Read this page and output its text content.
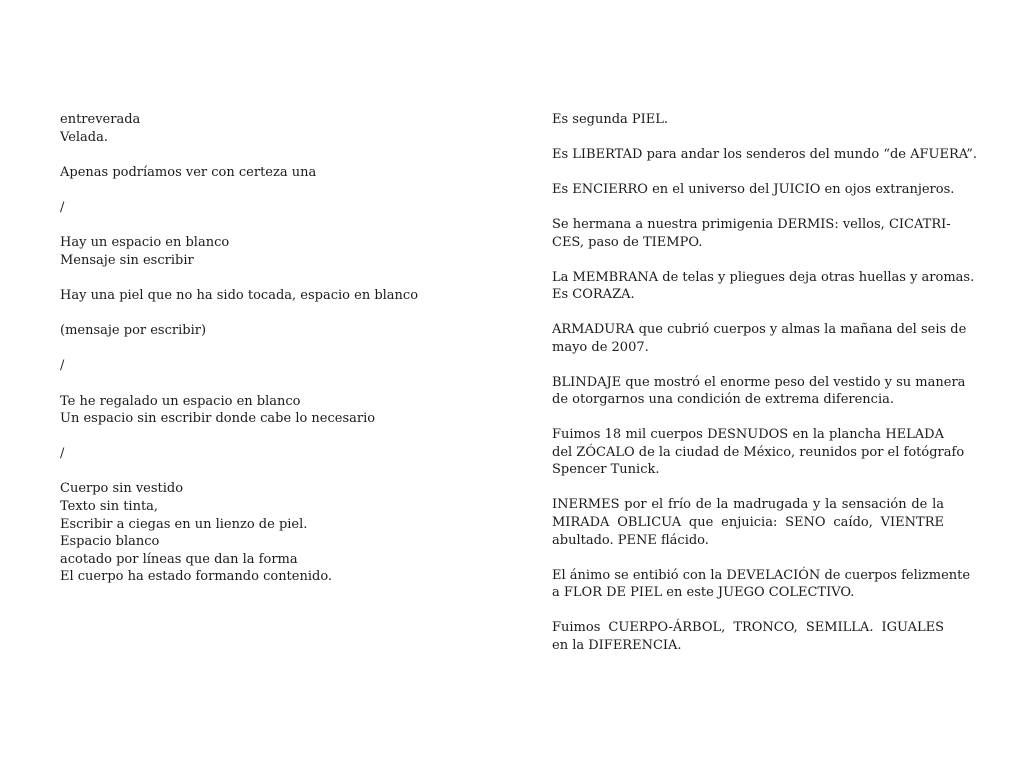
entreverada
Velada.
Apenas podríamos ver con certeza una
/
Hay un espacio en blanco
Mensaje sin escribir
Hay una piel que no ha sido tocada, espacio en blanco
(mensaje por escribir)
/
Te he regalado un espacio en blanco
Un espacio sin escribir donde cabe lo necesario
/
Cuerpo sin vestido
Texto sin tinta,
Escribir a ciegas en un lienzo de piel.
Espacio blanco
acotado por líneas que dan la forma
El cuerpo ha estado formando contenido.
Es segunda PIEL.
Es LIBERTAD para andar los senderos del mundo “de AFUERA”.
Es ENCIERRO en el universo del JUICIO en ojos extranjeros.
Se hermana a nuestra primigenia DERMIS: vellos, CICATRI-
CES, paso de TIEMPO.
La MEMBRANA de telas y pliegues deja otras huellas y aromas.
Es CORAZA.
ARMADURA que cubrió cuerpos y almas la mañana del seis de
mayo de 2007.
BLINDAJE que mostró el enorme peso del vestido y su manera
de otorgarnos una condición de extrema diferencia.
Fuimos 18 mil cuerpos DESNUDOS en la plancha HELADA
del ZÓCALO de la ciudad de México, reunidos por el fotógrafo
Spencer Tunick.
INERMES por el frío de la madrugada y la sensación de la
MIRADA OBLICUA que enjuicia: SENO caído, VIENTRE
abultado. PENE flácido.
El ánimo se entibió con la DEVELACIÓN de cuerpos felizmente
a FLOR DE PIEL en este JUEGO COLECTIVO.
Fuimos CUERPO-ÁRBOL, TRONCO, SEMILLA. IGUALES
en la DIFERENCIA.
